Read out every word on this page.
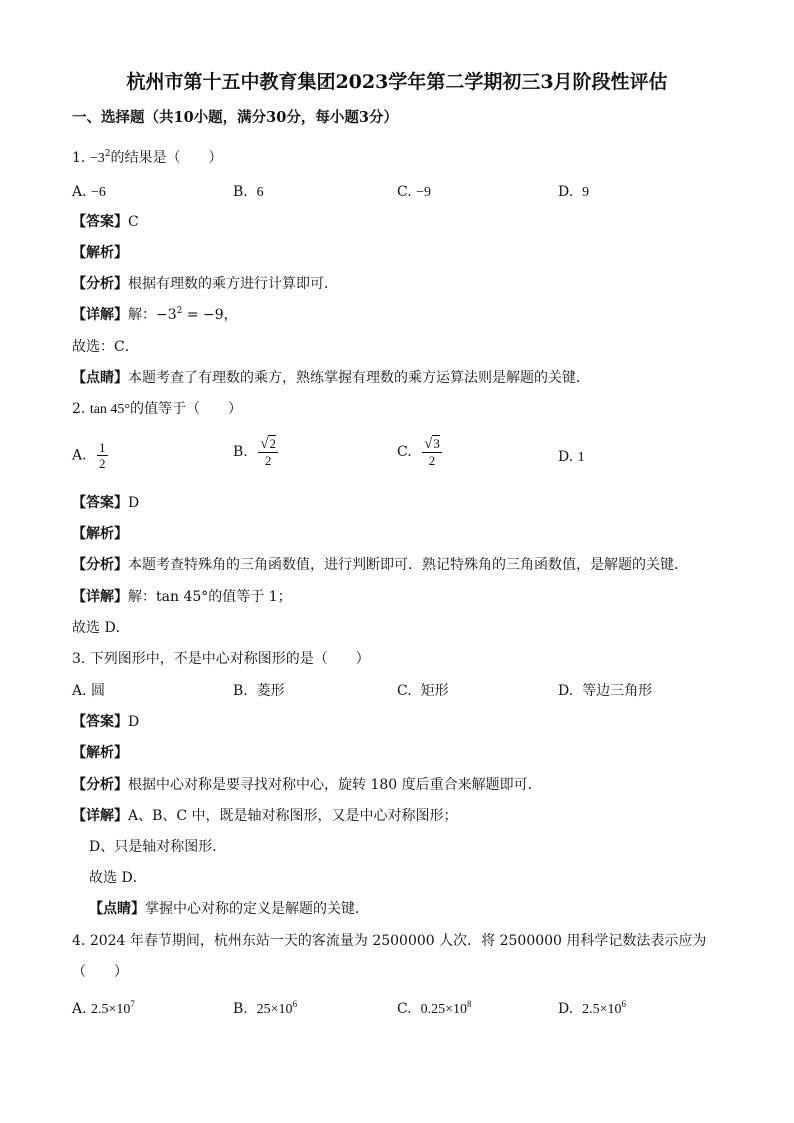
杭州市第十五中教育集团2023学年第二学期初三3月阶段性评估
一、选择题（共10小题，满分30分，每小题3分）
1. $-3^2$的结果是（　　）
A. −6	B. 6	C. −9	D. 9
【答案】C
【解析】
【分析】根据有理数的乘方进行计算即可．
【详解】解：$-3^2 = -9$，
故选：C．
【点睛】本题考查了有理数的乘方，熟练掌握有理数的乘方运算法则是解题的关键．
2. tan 45°的值等于（　　）
A. $\frac{1}{2}$	B. $\frac{√2}{2}$	C. $\frac{√3}{2}$	D. 1
【答案】D
【解析】
【分析】本题考查特殊角的三角函数值，进行判断即可．熟记特殊角的三角函数值，是解题的关键．
【详解】解：tan 45°的值等于 1；
故选 D．
3. 下列图形中，不是中心对称图形的是（　　）
A. 圆	B. 菱形	C. 矩形	D. 等边三角形
【答案】D
【解析】
【分析】根据中心对称是要寻找对称中心，旋转 180 度后重合来解题即可．
【详解】A、B、C 中，既是轴对称图形，又是中心对称图形；
D、只是轴对称图形．
故选 D．
【点睛】掌握中心对称的定义是解题的关键．
4. 2024 年春节期间，杭州东站一天的客流量为 2500000 人次．将 2500000 用科学记数法表示应为
（　　）
A. $2.5\times 10^7$	B. $25\times 10^6$	C. $0.25\times 10^8$	D. $2.5\times 10^6$
